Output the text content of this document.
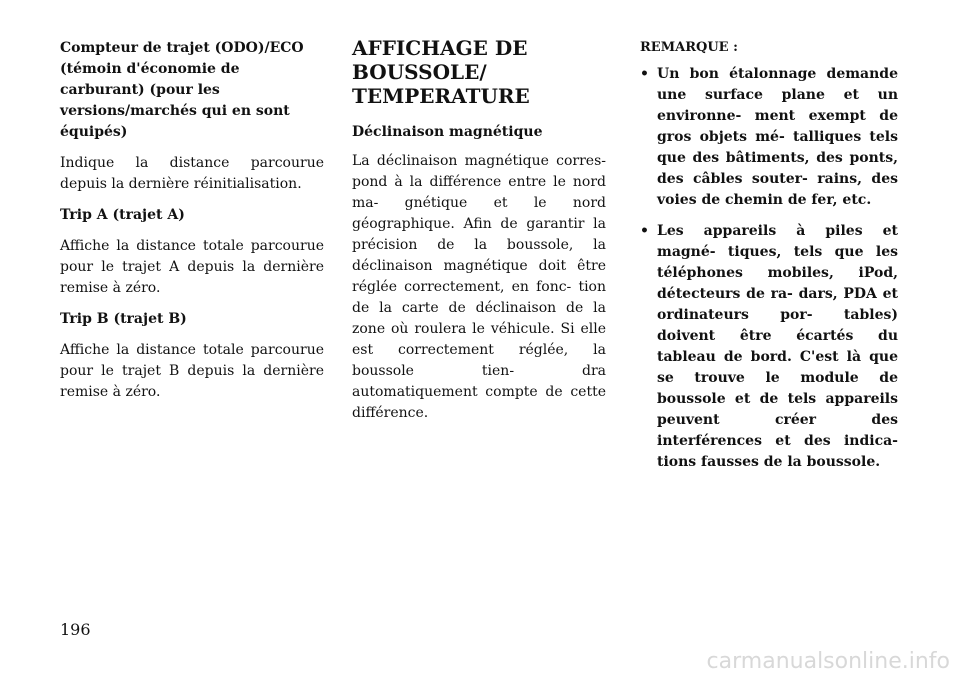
Compteur de trajet (ODO)/ECO (témoin d'économie de carburant) (pour les versions/marchés qui en sont équipés)

Indique la distance parcourue depuis la dernière réinitialisation.

Trip A (trajet A)

Affiche la distance totale parcourue pour le trajet A depuis la dernière remise à zéro.

Trip B (trajet B)

Affiche la distance totale parcourue pour le trajet B depuis la dernière remise à zéro.

AFFICHAGE DE
BOUSSOLE/
TEMPERATURE

Déclinaison magnétique

La déclinaison magnétique corres- pond à la différence entre le nord ma- gnétique et le nord géographique. Afin de garantir la précision de la boussole, la déclinaison magnétique doit être réglée correctement, en fonc- tion de la carte de déclinaison de la zone où roulera le véhicule. Si elle est correctement réglée, la boussole tien- dra automatiquement compte de cette différence.

REMARQUE :

• Un bon étalonnage demande une surface plane et un environne- ment exempt de gros objets mé- talliques tels que des bâtiments, des ponts, des câbles souter- rains, des voies de chemin de fer, etc.
• Les appareils à piles et magné- tiques, tels que les téléphones mobiles, iPod, détecteurs de ra- dars, PDA et ordinateurs por- tables) doivent être écartés du tableau de bord. C'est là que se trouve le module de boussole et de tels appareils peuvent créer des interférences et des indica- tions fausses de la boussole.

196

carmanualsonline.info
